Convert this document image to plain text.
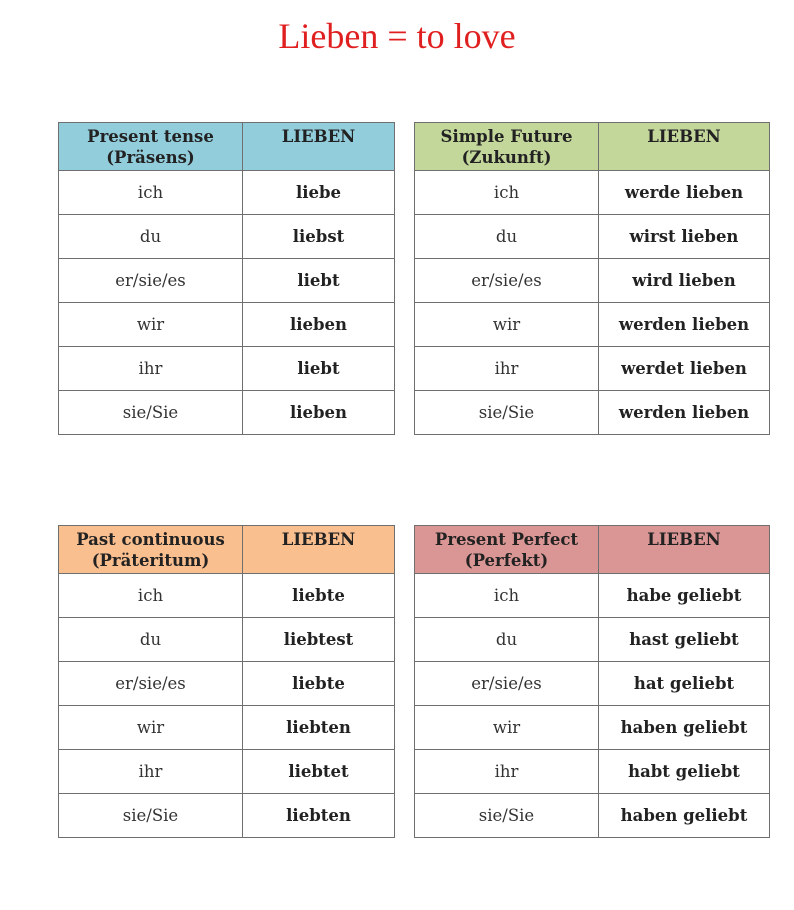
Lieben = to love
Present tense
(Präsens)	LIEBEN
ich	liebe
du	liebst
er/sie/es	liebt
wir	lieben
ihr	liebt
sie/Sie	lieben
Simple Future
(Zukunft)	LIEBEN
ich	werde lieben
du	wirst lieben
er/sie/es	wird lieben
wir	werden lieben
ihr	werdet lieben
sie/Sie	werden lieben
Past continuous
(Präteritum)	LIEBEN
ich	liebte
du	liebtest
er/sie/es	liebte
wir	liebten
ihr	liebtet
sie/Sie	liebten
Present Perfect
(Perfekt)	LIEBEN
ich	habe geliebt
du	hast geliebt
er/sie/es	hat geliebt
wir	haben geliebt
ihr	habt geliebt
sie/Sie	haben geliebt
